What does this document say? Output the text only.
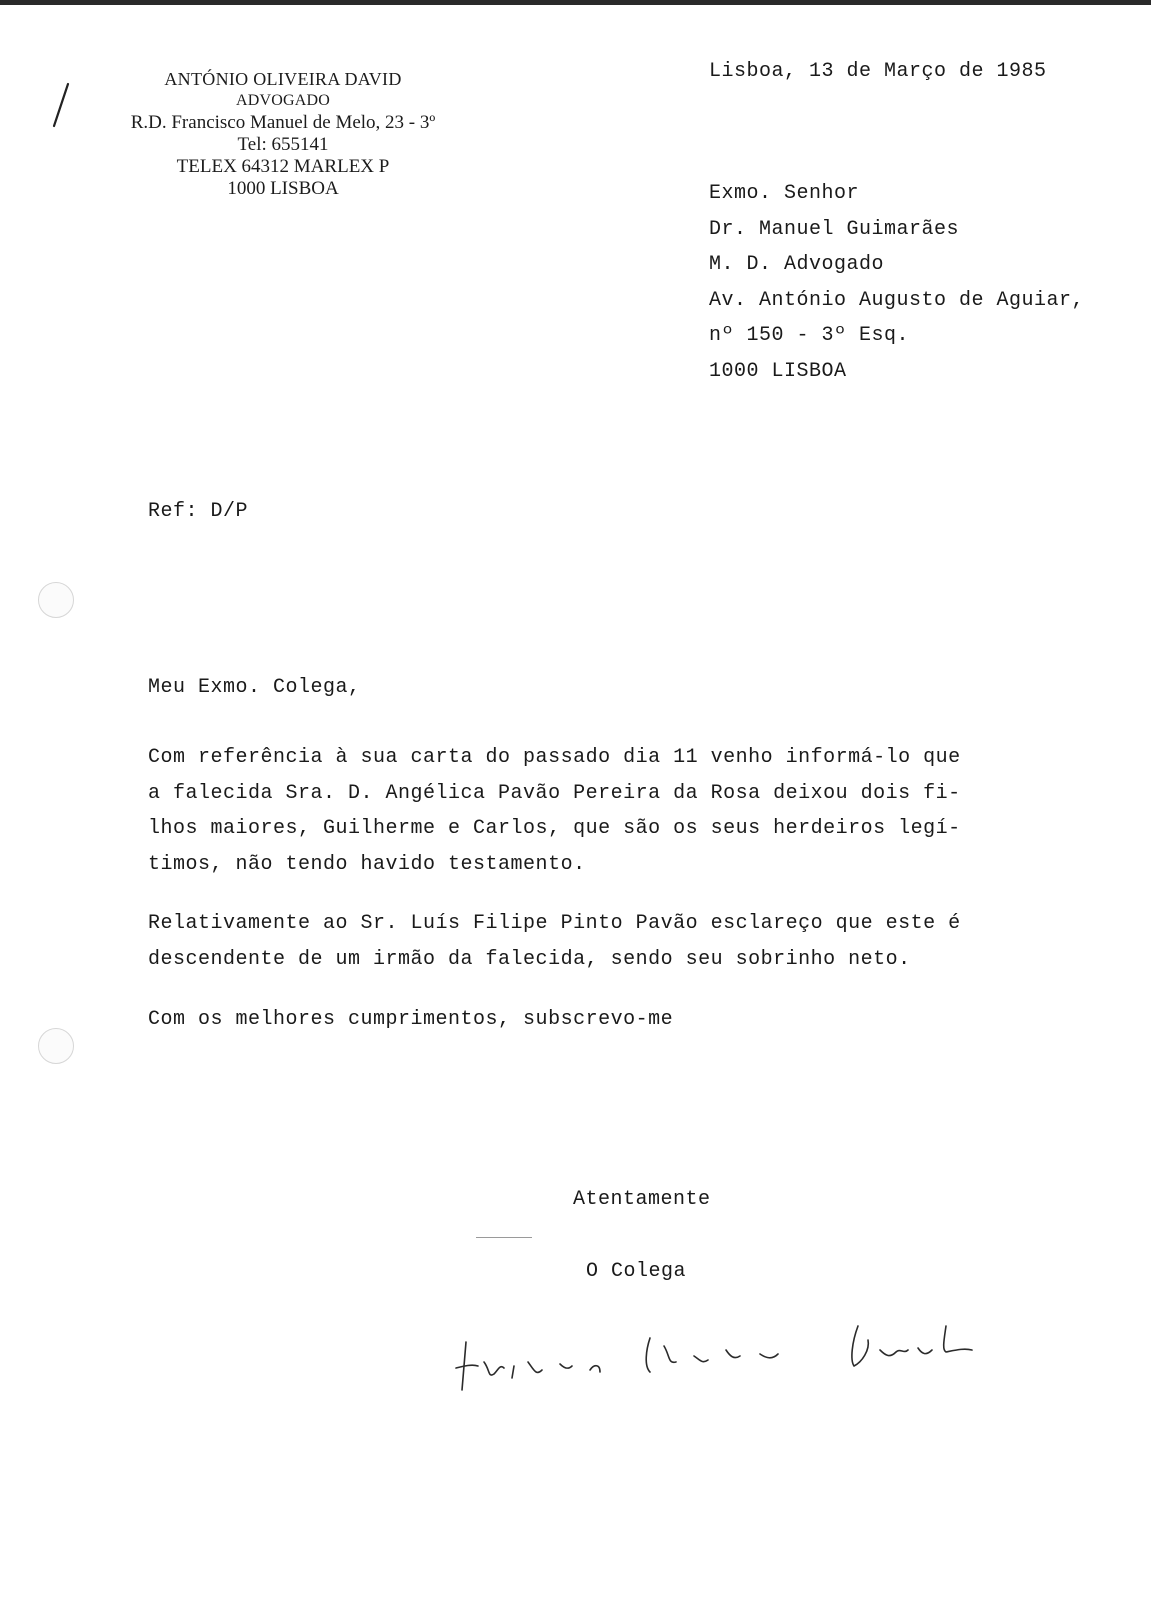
ANTÓNIO OLIVEIRA DAVID
ADVOGADO
R.D. Francisco Manuel de Melo, 23 - 3º
Tel: 655141
TELEX 64312 MARLEX P
1000 LISBOA
Lisboa, 13 de Março de 1985
Exmo. Senhor
Dr. Manuel Guimarães
M. D. Advogado
Av. António Augusto de Aguiar,
nº 150 - 3º Esq.
1000 LISBOA
Ref: D/P
Meu Exmo. Colega,
Com referência à sua carta do passado dia 11 venho informá-lo que
a falecida Sra. D. Angélica Pavão Pereira da Rosa deixou dois fi-
lhos maiores, Guilherme e Carlos, que são os seus herdeiros legí-
timos, não tendo havido testamento.
Relativamente ao Sr. Luís Filipe Pinto Pavão esclareço que este é
descendente de um irmão da falecida, sendo seu sobrinho neto.
Com os melhores cumprimentos, subscrevo-me
Atentamente
O Colega
